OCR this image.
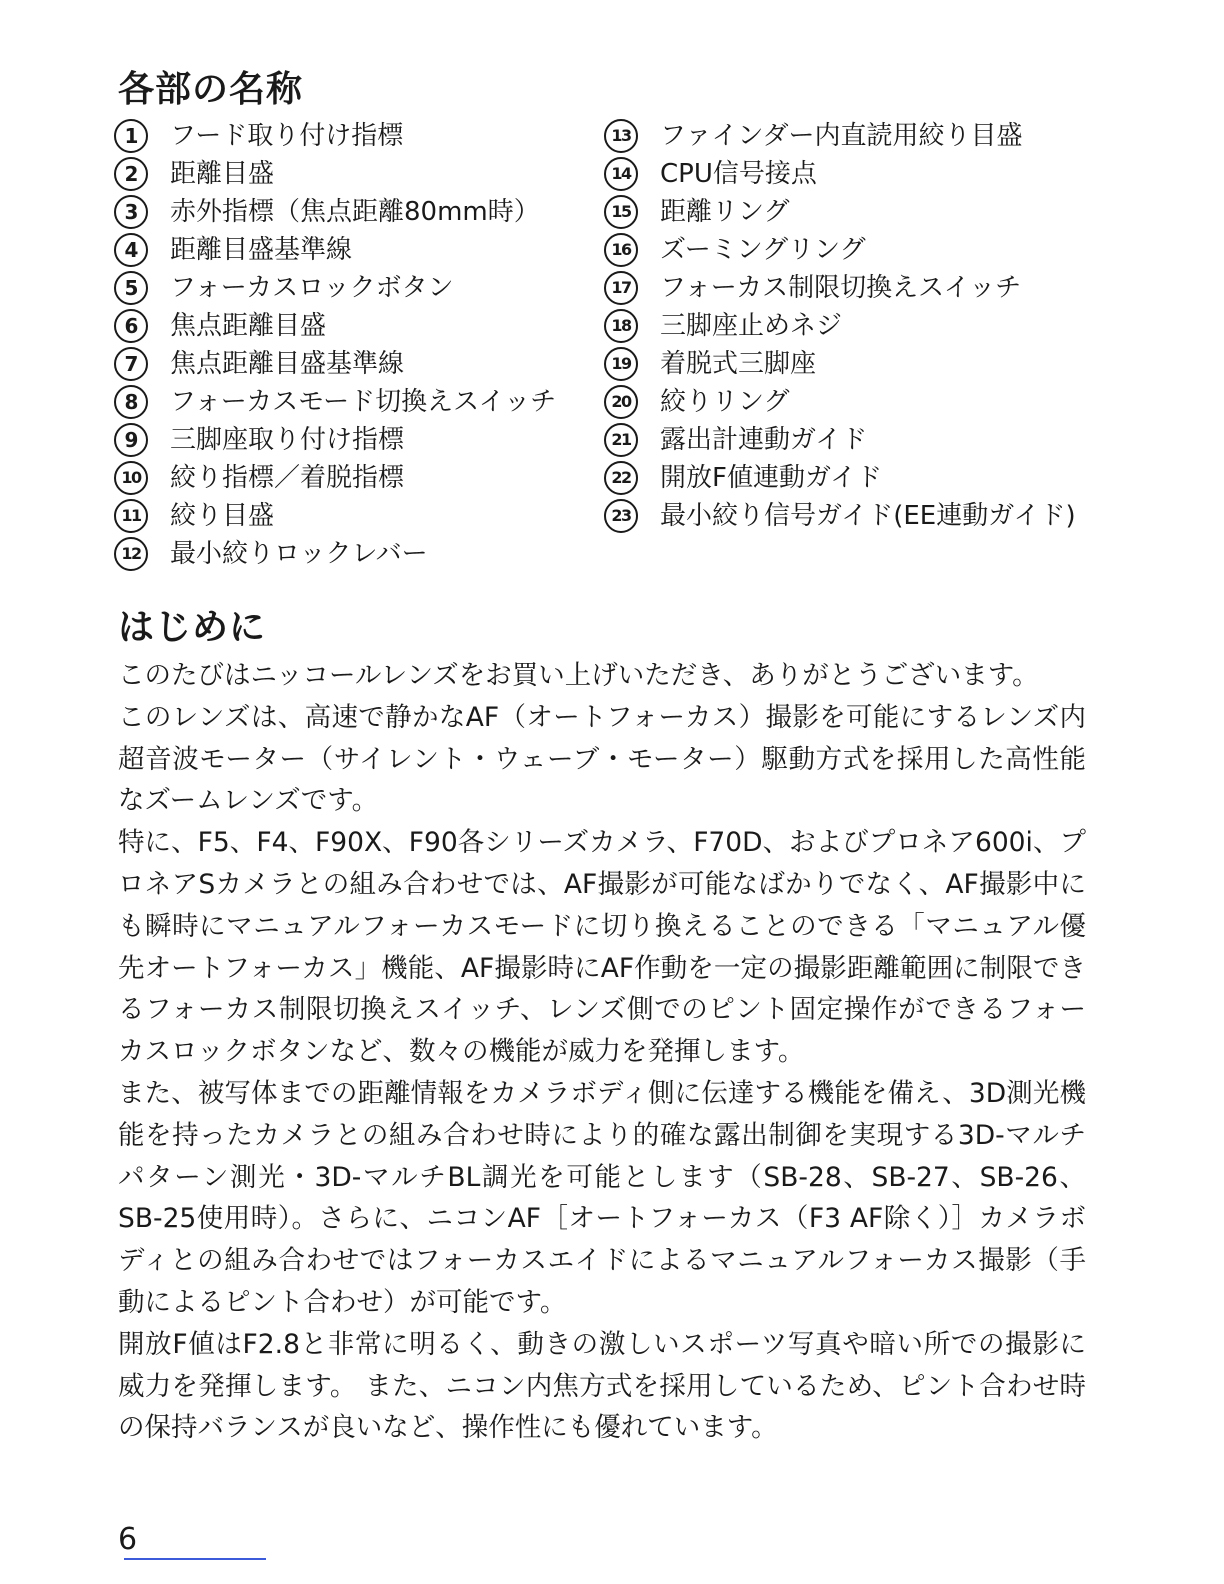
各部の名称
1	フード取り付け指標
2	距離目盛
3	赤外指標（焦点距離80mm時）
4	距離目盛基準線
5	フォーカスロックボタン
6	焦点距離目盛
7	焦点距離目盛基準線
8	フォーカスモード切換えスイッチ
9	三脚座取り付け指標
10 絞り指標／着脱指標
11 絞り目盛
12 最小絞りロックレバー
13 ファインダー内直読用絞り目盛
14 CPU信号接点
15 距離リング
16 ズーミングリング
17 フォーカス制限切換えスイッチ
18 三脚座止めネジ
19 着脱式三脚座
20 絞りリング
21 露出計連動ガイド
22 開放F値連動ガイド
23 最小絞り信号ガイド(EE連動ガイド)
はじめに

このたびはニッコールレンズをお買い上げいただき、ありがとうございます。

このレンズは、高速で静かなAF（オートフォーカス）撮影を可能にするレンズ内超音波モーター（サイレント・ウェーブ・モーター）駆動方式を採用した高性能なズームレンズです。

特に、F5、F4、F90X、F90各シリーズカメラ、F70D、およびプロネア600i、プロネアSカメラとの組み合わせでは、AF撮影が可能なばかりでなく、AF撮影中にも瞬時にマニュアルフォーカスモードに切り換えることのできる「マニュアル優先オートフォーカス」機能、AF撮影時にAF作動を一定の撮影距離範囲に制限できるフォーカス制限切換えスイッチ、レンズ側でのピント固定操作ができるフォーカスロックボタンなど、数々の機能が威力を発揮します。

また、被写体までの距離情報をカメラボディ側に伝達する機能を備え、3D測光機能を持ったカメラとの組み合わせ時により的確な露出制御を実現する3D-マルチパターン測光・3D-マルチBL調光を可能とします（SB-28、SB-27、SB-26、SB-25使用時）。さらに、ニコンAF［オートフォーカス（F3 AF除く）］カメラボディとの組み合わせではフォーカスエイドによるマニュアルフォーカス撮影（手動によるピント合わせ）が可能です。

開放F値はF2.8と非常に明るく、動きの激しいスポーツ写真や暗い所での撮影に威力を発揮します。 また、ニコン内焦方式を採用しているため、ピント合わせ時の保持バランスが良いなど、操作性にも優れています。

6
